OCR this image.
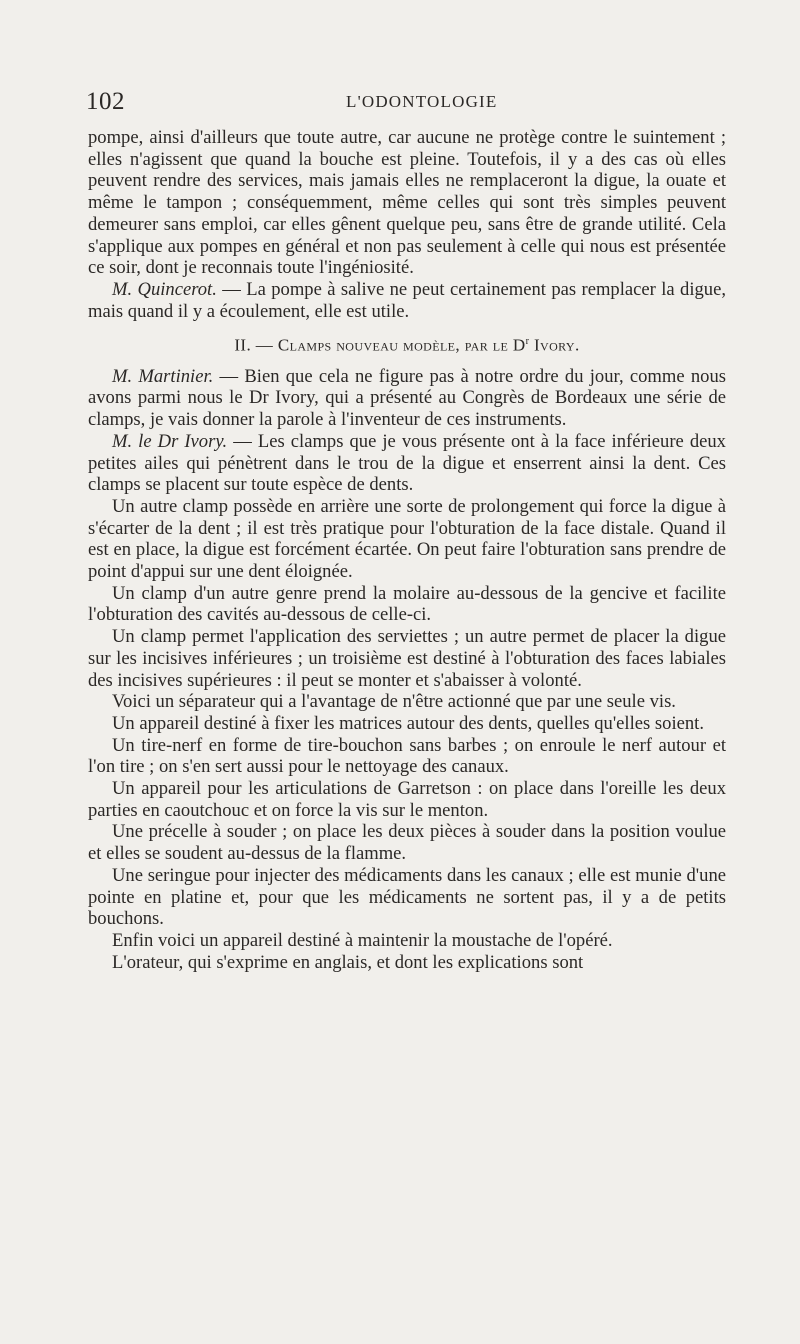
102	L'ODONTOLOGIE

pompe, ainsi d'ailleurs que toute autre, car aucune ne protège contre le suintement ; elles n'agissent que quand la bouche est pleine. Toutefois, il y a des cas où elles peuvent rendre des services, mais jamais elles ne remplaceront la digue, la ouate et même le tampon ; conséquemment, même celles qui sont très simples peuvent demeurer sans emploi, car elles gênent quelque peu, sans être de grande utilité. Cela s'applique aux pompes en général et non pas seulement à celle qui nous est présentée ce soir, dont je reconnais toute l'ingéniosité.

M. Quincerot. — La pompe à salive ne peut certainement pas remplacer la digue, mais quand il y a écoulement, elle est utile.

II. — Clamps nouveau modèle, par le $D^r$ Ivory.

M. Martinier. — Bien que cela ne figure pas à notre ordre du jour, comme nous avons parmi nous le Dr Ivory, qui a présenté au Congrès de Bordeaux une série de clamps, je vais donner la parole à l'inventeur de ces instruments.

M. le Dr Ivory. — Les clamps que je vous présente ont à la face inférieure deux petites ailes qui pénètrent dans le trou de la digue et enserrent ainsi la dent. Ces clamps se placent sur toute espèce de dents.

Un autre clamp possède en arrière une sorte de prolongement qui force la digue à s'écarter de la dent ; il est très pratique pour l'obturation de la face distale. Quand il est en place, la digue est forcément écartée. On peut faire l'obturation sans prendre de point d'appui sur une dent éloignée.

Un clamp d'un autre genre prend la molaire au-dessous de la gencive et facilite l'obturation des cavités au-dessous de celle-ci.

Un clamp permet l'application des serviettes ; un autre permet de placer la digue sur les incisives inférieures ; un troisième est destiné à l'obturation des faces labiales des incisives supérieures : il peut se monter et s'abaisser à volonté.

Voici un séparateur qui a l'avantage de n'être actionné que par une seule vis.

Un appareil destiné à fixer les matrices autour des dents, quelles qu'elles soient.

Un tire-nerf en forme de tire-bouchon sans barbes ; on enroule le nerf autour et l'on tire ; on s'en sert aussi pour le nettoyage des canaux.

Un appareil pour les articulations de Garretson : on place dans l'oreille les deux parties en caoutchouc et on force la vis sur le menton.

Une précelle à souder ; on place les deux pièces à souder dans la position voulue et elles se soudent au-dessus de la flamme.

Une seringue pour injecter des médicaments dans les canaux ; elle est munie d'une pointe en platine et, pour que les médicaments ne sortent pas, il y a de petits bouchons.

Enfin voici un appareil destiné à maintenir la moustache de l'opéré.

L'orateur, qui s'exprime en anglais, et dont les explications sont
